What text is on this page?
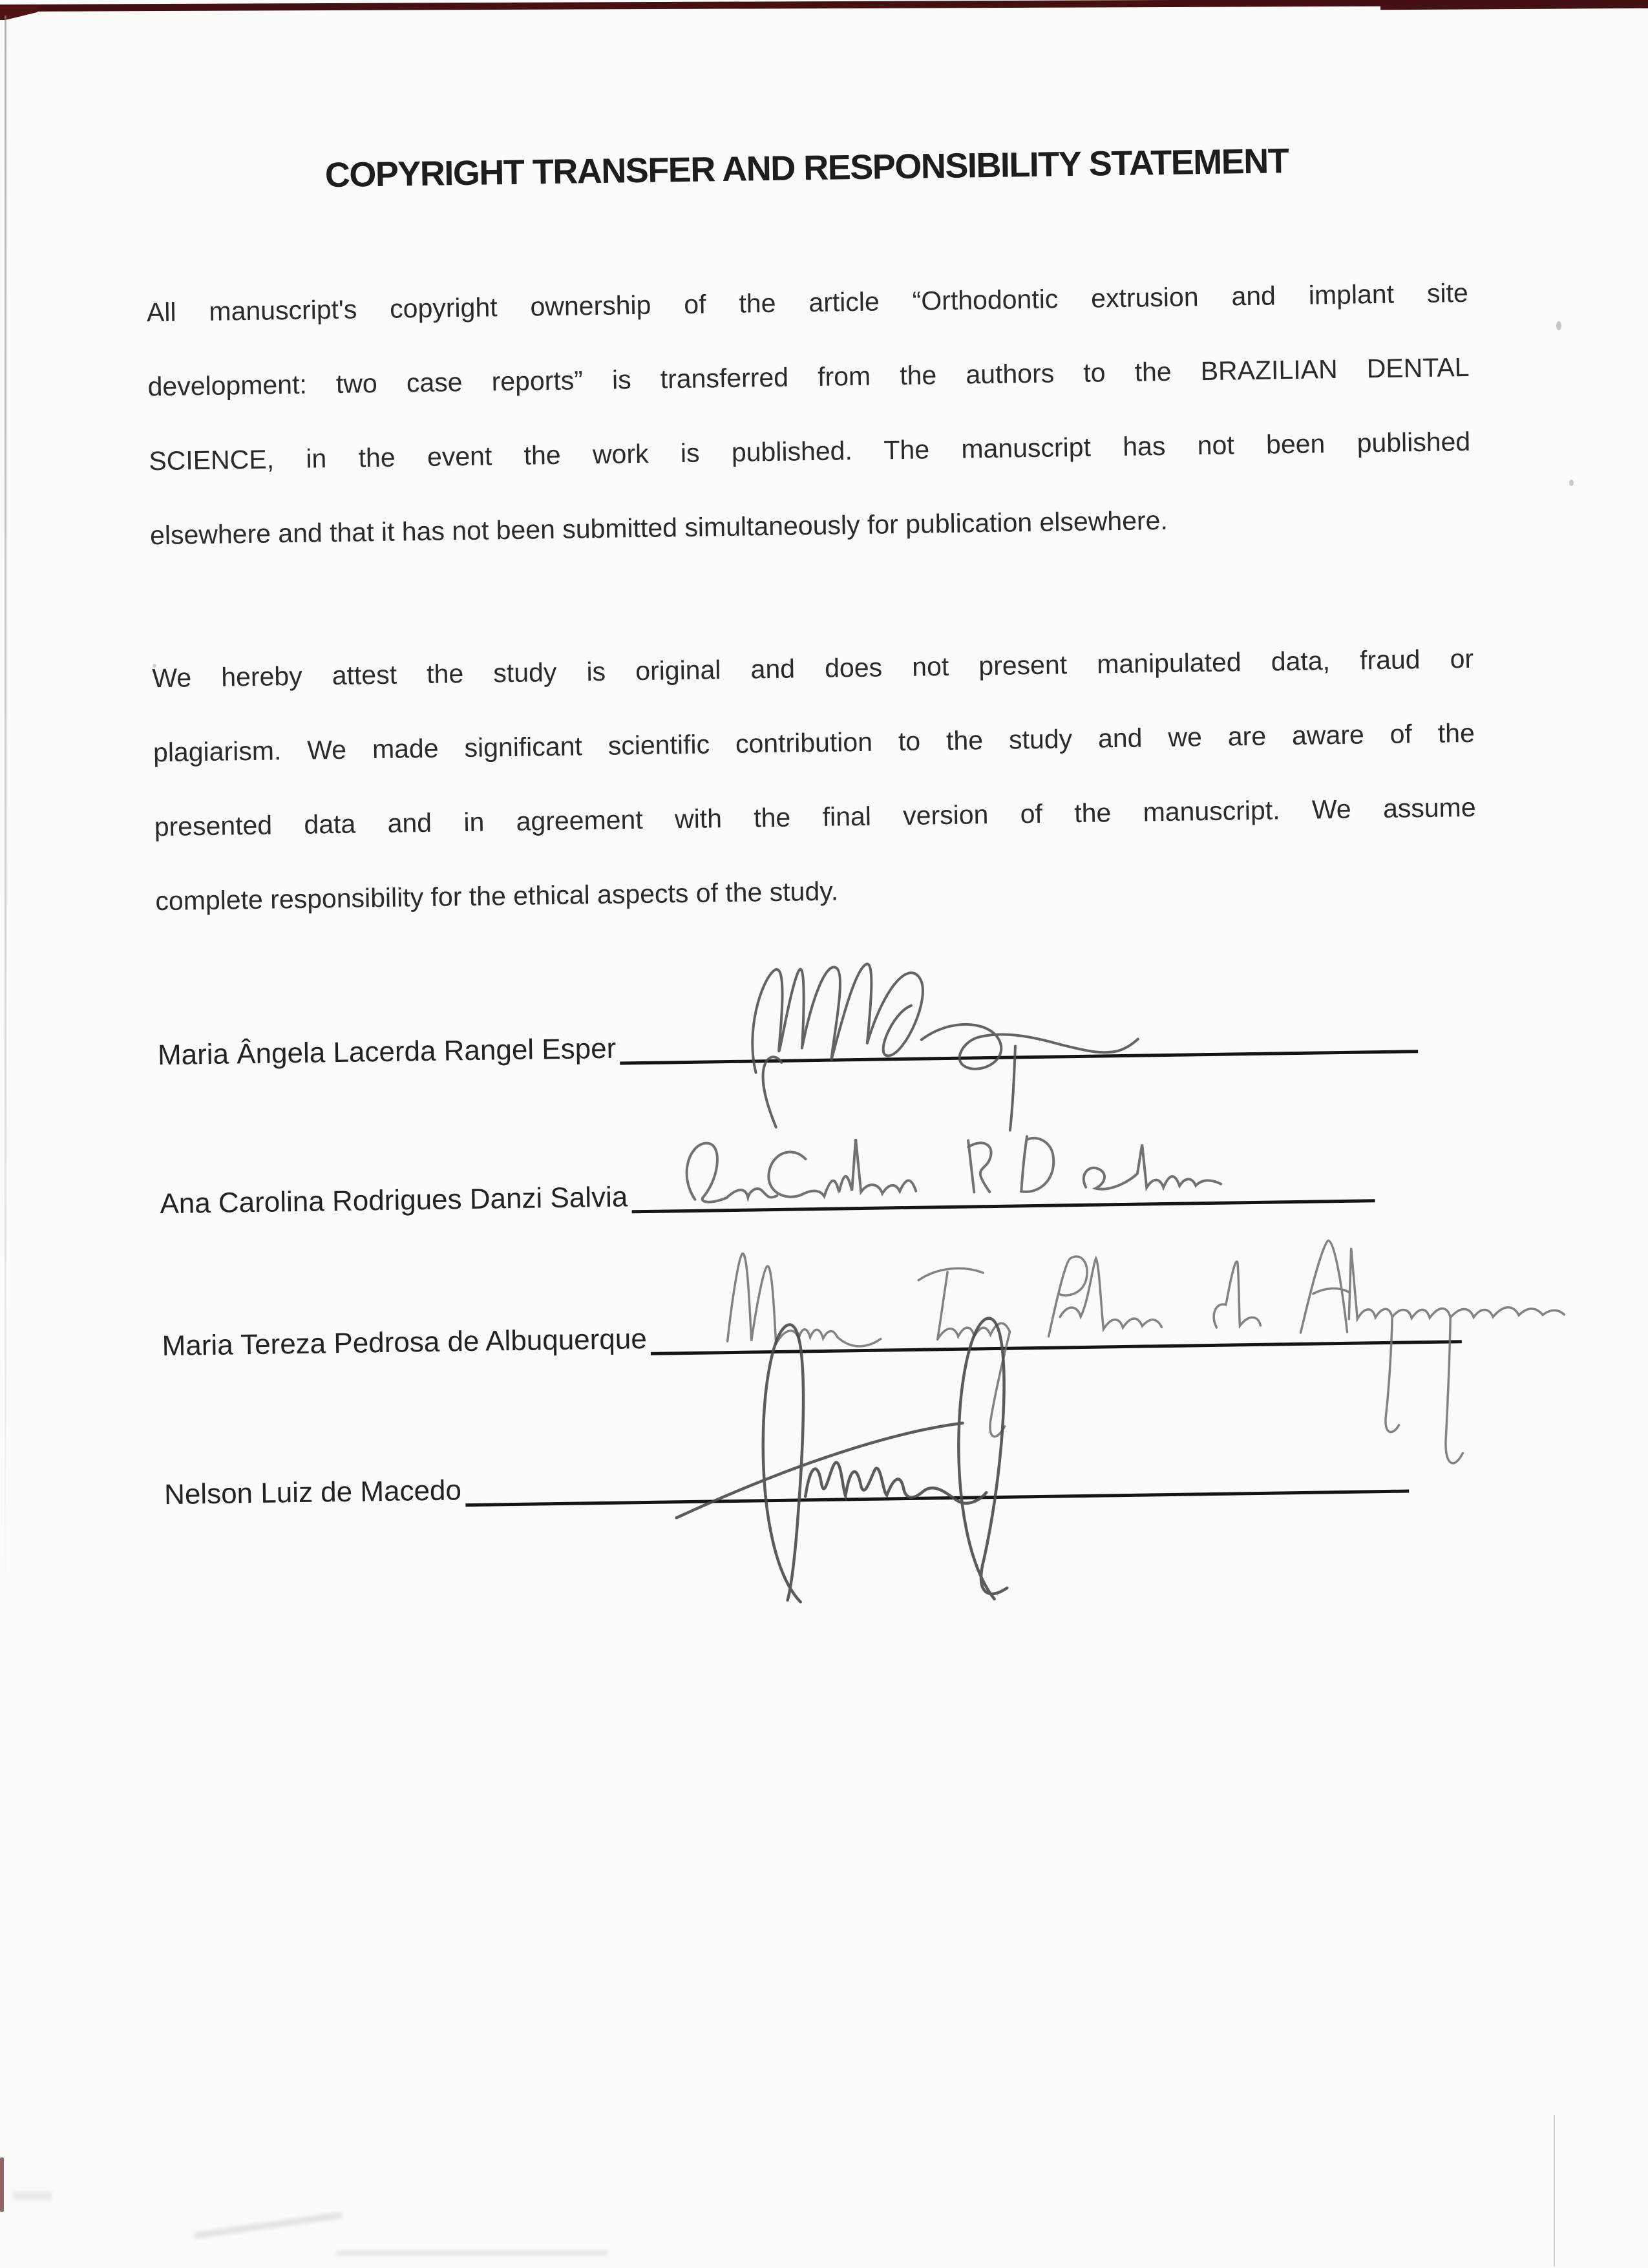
COPYRIGHT TRANSFER AND RESPONSIBILITY STATEMENT
All manuscript's copyright ownership of the article “Orthodontic extrusion and implant site
development: two case reports” is transferred from the authors to the BRAZILIAN DENTAL
SCIENCE, in the event the work is published. The manuscript has not been published
elsewhere and that it has not been submitted simultaneously for publication elsewhere.
We hereby attest the study is original and does not present manipulated data, fraud or
plagiarism. We made significant scientific contribution to the study and we are aware of the
presented data and in agreement with the final version of the manuscript. We assume
complete responsibility for the ethical aspects of the study.
Maria Ângela Lacerda Rangel Esper
Ana Carolina Rodrigues Danzi Salvia
Maria Tereza Pedrosa de Albuquerque
Nelson Luiz de Macedo
